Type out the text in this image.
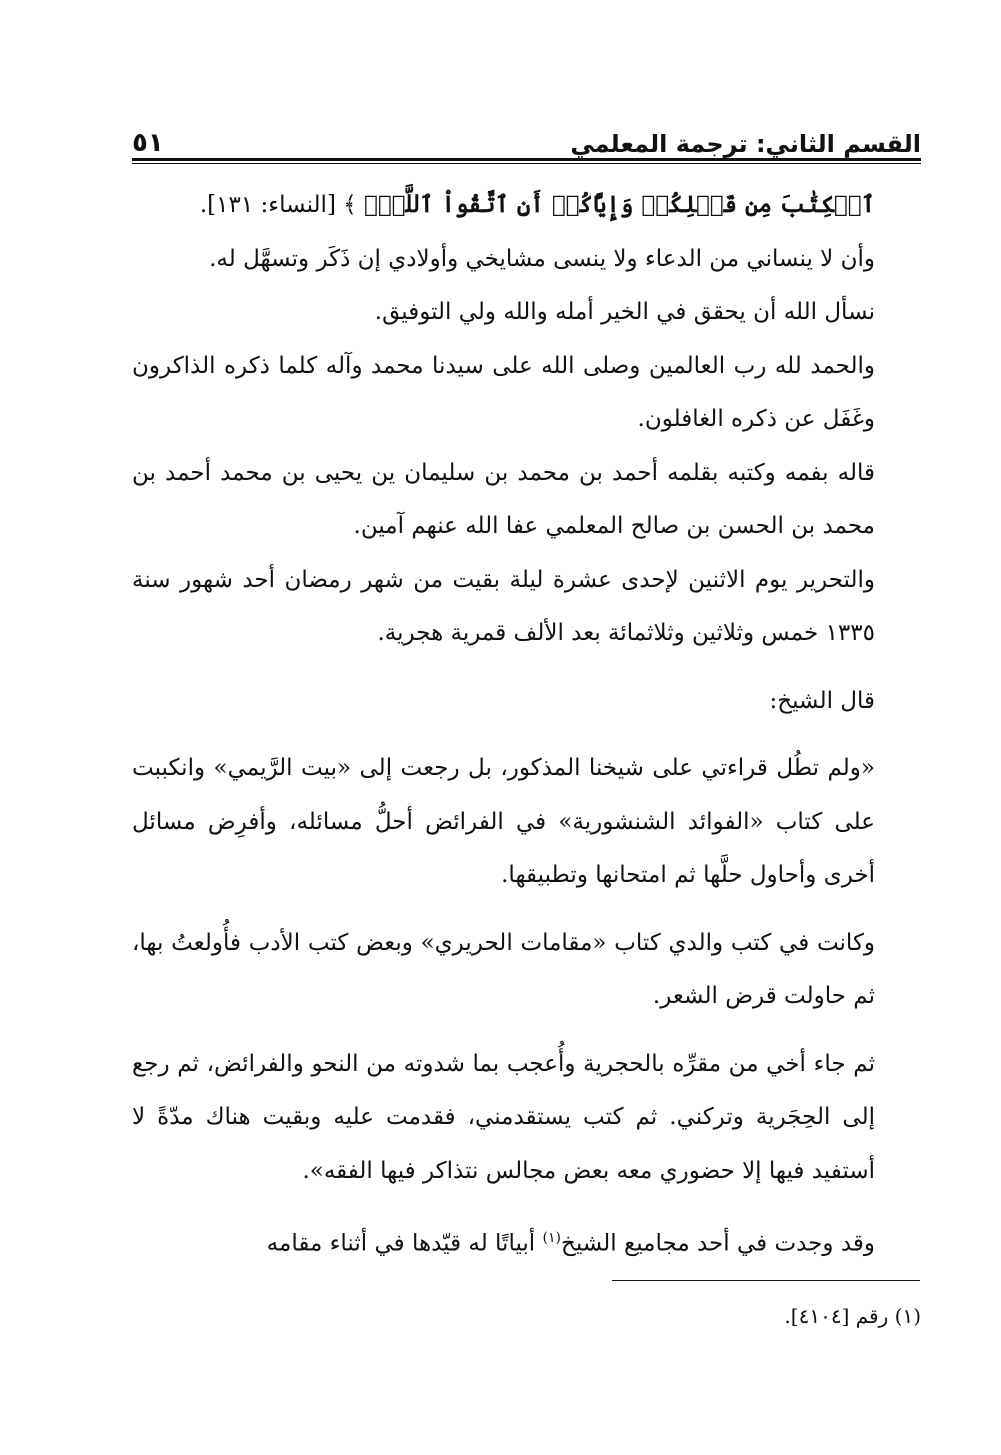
القسم الثاني: ترجمة المعلمي
٥١

ٱلۡكِتَٰبَ مِن قَبۡلِكُمۡ وَإِيَّاكُمۡ أَنِ ٱتَّقُواْ ٱللَّهَۚ ﴾ [النساء: ١٣١].

وأن لا ينساني من الدعاء ولا ينسى مشايخي وأولادي إن ذَكَر وتسهَّل له.

نسأل الله أن يحقق في الخير أمله والله ولي التوفيق.

والحمد لله رب العالمين وصلى الله على سيدنا محمد وآله كلما ذكره الذاكرون وغَفَل عن ذكره الغافلون.

قاله بفمه وكتبه بقلمه أحمد بن محمد بن سليمان ين يحيى بن محمد أحمد بن محمد بن الحسن بن صالح المعلمي عفا الله عنهم آمين.

والتحرير يوم الاثنين لإحدى عشرة ليلة بقيت من شهر رمضان أحد شهور سنة ١٣٣٥ خمس وثلاثين وثلاثمائة بعد الألف قمرية هجرية.

قال الشيخ:

«ولم تطُل قراءتي على شيخنا المذكور، بل رجعت إلى «بيت الرَّيمي» وانكببت على كتاب «الفوائد الشنشورية» في الفرائض أحلُّ مسائله، وأفرِض مسائل أخرى وأحاول حلَّها ثم امتحانها وتطبيقها.

وكانت في كتب والدي كتاب «مقامات الحريري» وبعض كتب الأدب فأُولعتُ بها، ثم حاولت قرض الشعر.

ثم جاء أخي من مقرِّه بالحجرية وأُعجب بما شدوته من النحو والفرائض، ثم رجع إلى الحِجَرية وتركني. ثم كتب يستقدمني، فقدمت عليه وبقيت هناك مدّةً لا أستفيد فيها إلا حضوري معه بعض مجالس نتذاكر فيها الفقه».

وقد وجدت في أحد مجاميع الشيخ$^{(١)}$ أبياتًا له قيّدها في أثناء مقامه

(١) رقم [٤١٠٤].
